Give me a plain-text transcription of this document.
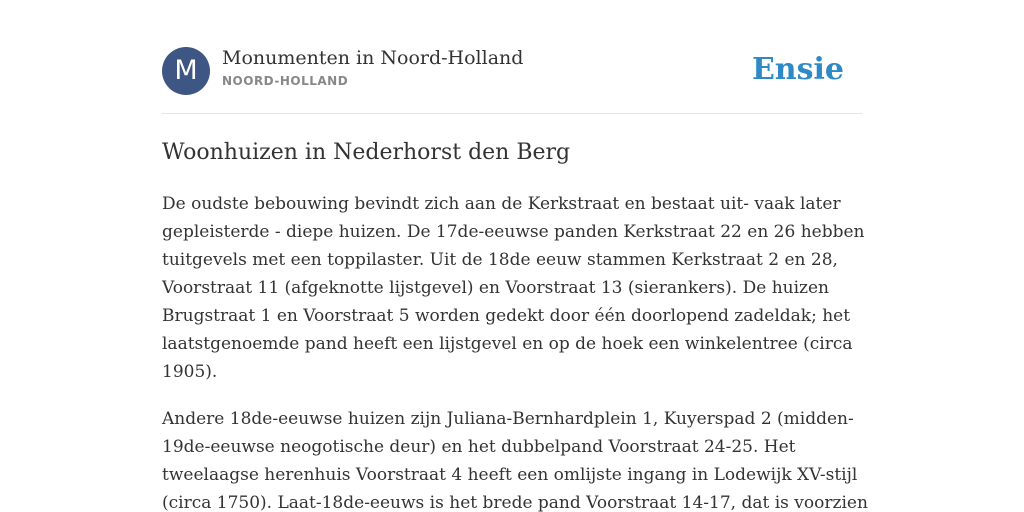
M	Monumenten in Noord-Holland
NOORD-HOLLAND	Ensie
Woonhuizen in Nederhorst den Berg

De oudste bebouwing bevindt zich aan de Kerkstraat en bestaat uit- vaak later
gepleisterde - diepe huizen. De 17de-eeuwse panden Kerkstraat 22 en 26 hebben
tuitgevels met een toppilaster. Uit de 18de eeuw stammen Kerkstraat 2 en 28,
Voorstraat 11 (afgeknotte lijstgevel) en Voorstraat 13 (sierankers). De huizen
Brugstraat 1 en Voorstraat 5 worden gedekt door één doorlopend zadeldak; het
laatstgenoemde pand heeft een lijstgevel en op de hoek een winkelentree (circa
1905).

Andere 18de-eeuwse huizen zijn Juliana-Bernhardplein 1, Kuyerspad 2 (midden-
19de-eeuwse neogotische deur) en het dubbelpand Voorstraat 24-25. Het
tweelaagse herenhuis Voorstraat 4 heeft een omlijste ingang in Lodewijk XV-stijl
(circa 1750). Laat-18de-eeuws is het brede pand Voorstraat 14-17, dat is voorzien
